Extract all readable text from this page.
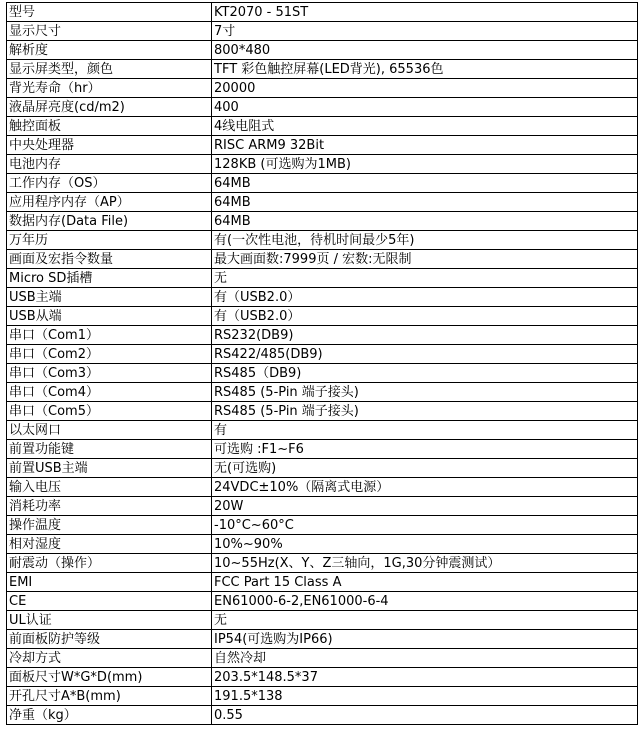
型号	KT2070 - 51ST
显示尺寸	7寸
解析度	800*480
显示屏类型，颜色	TFT 彩色触控屏幕(LED背光), 65536色
背光寿命（hr）	20000
液晶屏亮度(cd/m2)	400
触控面板	4线电阻式
中央处理器	RISC ARM9 32Bit
电池内存	128KB (可选购为1MB)
工作内存（OS）	64MB
应用程序内存（AP）	64MB
数据内存(Data File)	64MB
万年历	有(一次性电池，待机时间最少5年)
画面及宏指令数量	最大画面数:7999页 / 宏数:无限制
Micro SD插槽	无
USB主端	有（USB2.0）
USB从端	有（USB2.0）
串口（Com1）	RS232(DB9)
串口（Com2）	RS422/485(DB9)
串口（Com3）	RS485（DB9)
串口（Com4）	RS485 (5-Pin 端子接头)
串口（Com5）	RS485 (5-Pin 端子接头)
以太网口	有
前置功能键	可选购 :F1~F6
前置USB主端	无(可选购)
输入电压	24VDC±10%（隔离式电源）
消耗功率	20W
操作温度	-10°C~60°C
相对湿度	10%~90%
耐震动（操作）	10~55Hz(X、Y、Z三轴向，1G,30分钟震测试）
EMI	FCC Part 15 Class A
CE	EN61000-6-2,EN61000-6-4
UL认证	无
前面板防护等级	IP54(可选购为IP66)
冷却方式	自然冷却
面板尺寸W*G*D(mm)	203.5*148.5*37
开孔尺寸A*B(mm)	191.5*138
净重（kg）	0.55
